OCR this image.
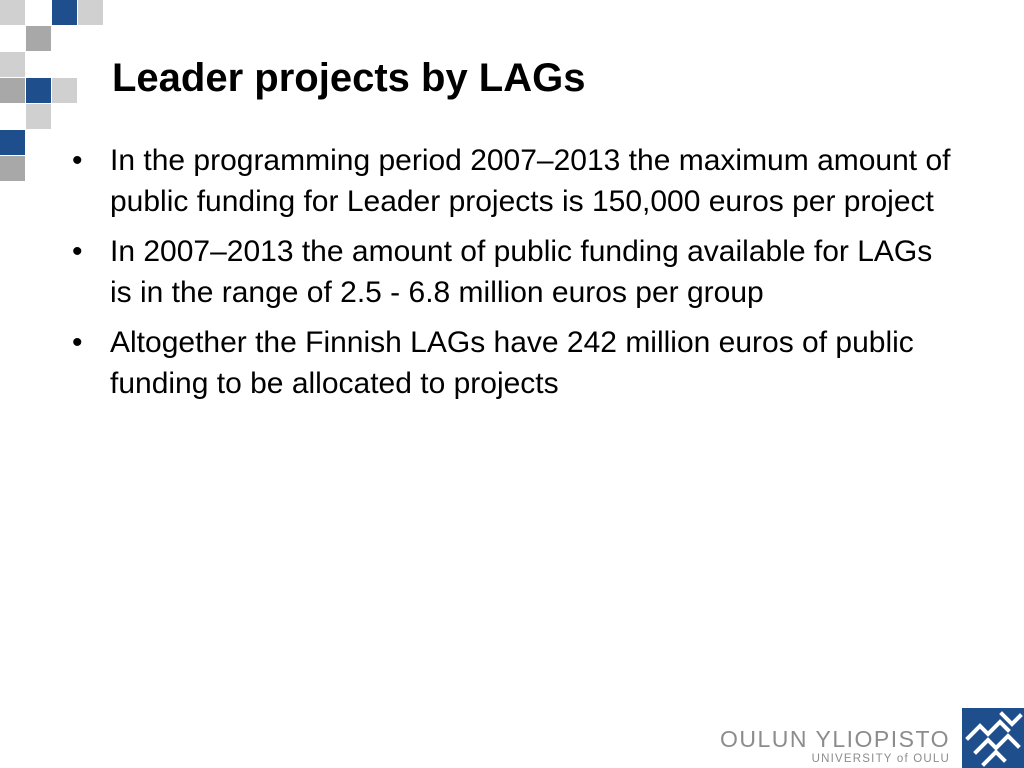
Leader projects by LAGs
• In the programming period 2007–2013 the maximum amount of public funding for Leader projects is 150,000 euros per project
• In 2007–2013 the amount of public funding available for LAGs is in the range of 2.5 - 6.8 million euros per group
• Altogether the Finnish LAGs have 242 million euros of public funding to be allocated to projects
OULUN YLIOPISTO
UNIVERSITY of OULU
